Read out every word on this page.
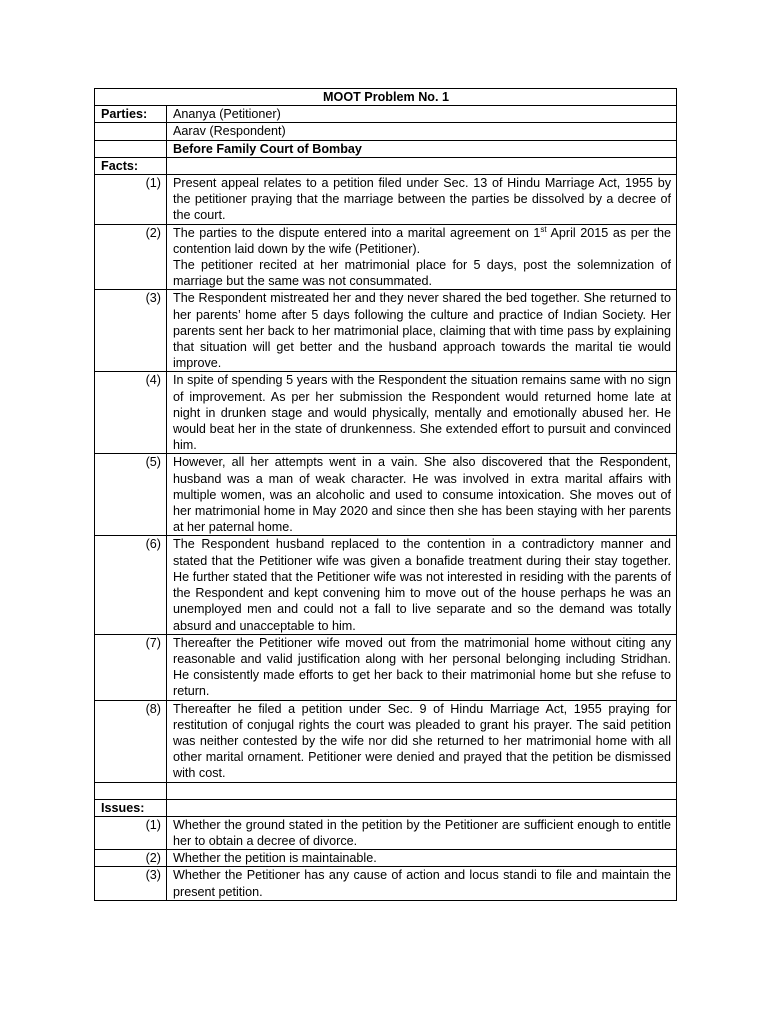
MOOT Problem No. 1	
Parties:	Ananya (Petitioner)
	Aarav (Respondent)
	Before Family Court of Bombay
Facts:	
(1)	Present appeal relates to a petition filed under Sec. 13 of Hindu Marriage Act, 1955 by the petitioner praying that the marriage between the parties be dissolved by a decree of the court.
(2)	The parties to the dispute entered into a marital agreement on 1st April 2015 as per the contention laid down by the wife (Petitioner).
The petitioner recited at her matrimonial place for 5 days, post the solemnization of marriage but the same was not consummated.

(3)	The Respondent mistreated her and they never shared the bed together. She returned to her parents’ home after 5 days following the culture and practice of Indian Society. Her parents sent her back to her matrimonial place, claiming that with time pass by explaining that situation will get better and the husband approach towards the marital tie would improve.
(4)	In spite of spending 5 years with the Respondent the situation remains same with no sign of improvement. As per her submission the Respondent would returned home late at night in drunken stage and would physically, mentally and emotionally abused her. He would beat her in the state of drunkenness. She extended effort to pursuit and convinced him.
(5)	However, all her attempts went in a vain. She also discovered that the Respondent, husband was a man of weak character. He was involved in extra marital affairs with multiple women, was an alcoholic and used to consume intoxication. She moves out of her matrimonial home in May 2020 and since then she has been staying with her parents at her paternal home.
(6)	The Respondent husband replaced to the contention in a contradictory manner and stated that the Petitioner wife was given a bonafide treatment during their stay together. He further stated that the Petitioner wife was not interested in residing with the parents of the Respondent and kept convening him to move out of the house perhaps he was an unemployed men and could not a fall to live separate and so the demand was totally absurd and unacceptable to him.
(7)	Thereafter the Petitioner wife moved out from the matrimonial home without citing any reasonable and valid justification along with her personal belonging including Stridhan. He consistently made efforts to get her back to their matrimonial home but she refuse to return.
(8)	Thereafter he filed a petition under Sec. 9 of Hindu Marriage Act, 1955 praying for restitution of conjugal rights the court was pleaded to grant his prayer. The said petition was neither contested by the wife nor did she returned to her matrimonial home with all other marital ornament. Petitioner were denied and prayed that the petition be dismissed with cost.

Issues:	
(1)	Whether the ground stated in the petition by the Petitioner are sufficient enough to entitle her to obtain a decree of divorce.
(2)	Whether the petition is maintainable.
(3)	Whether the Petitioner has any cause of action and locus standi to file and maintain the present petition.
